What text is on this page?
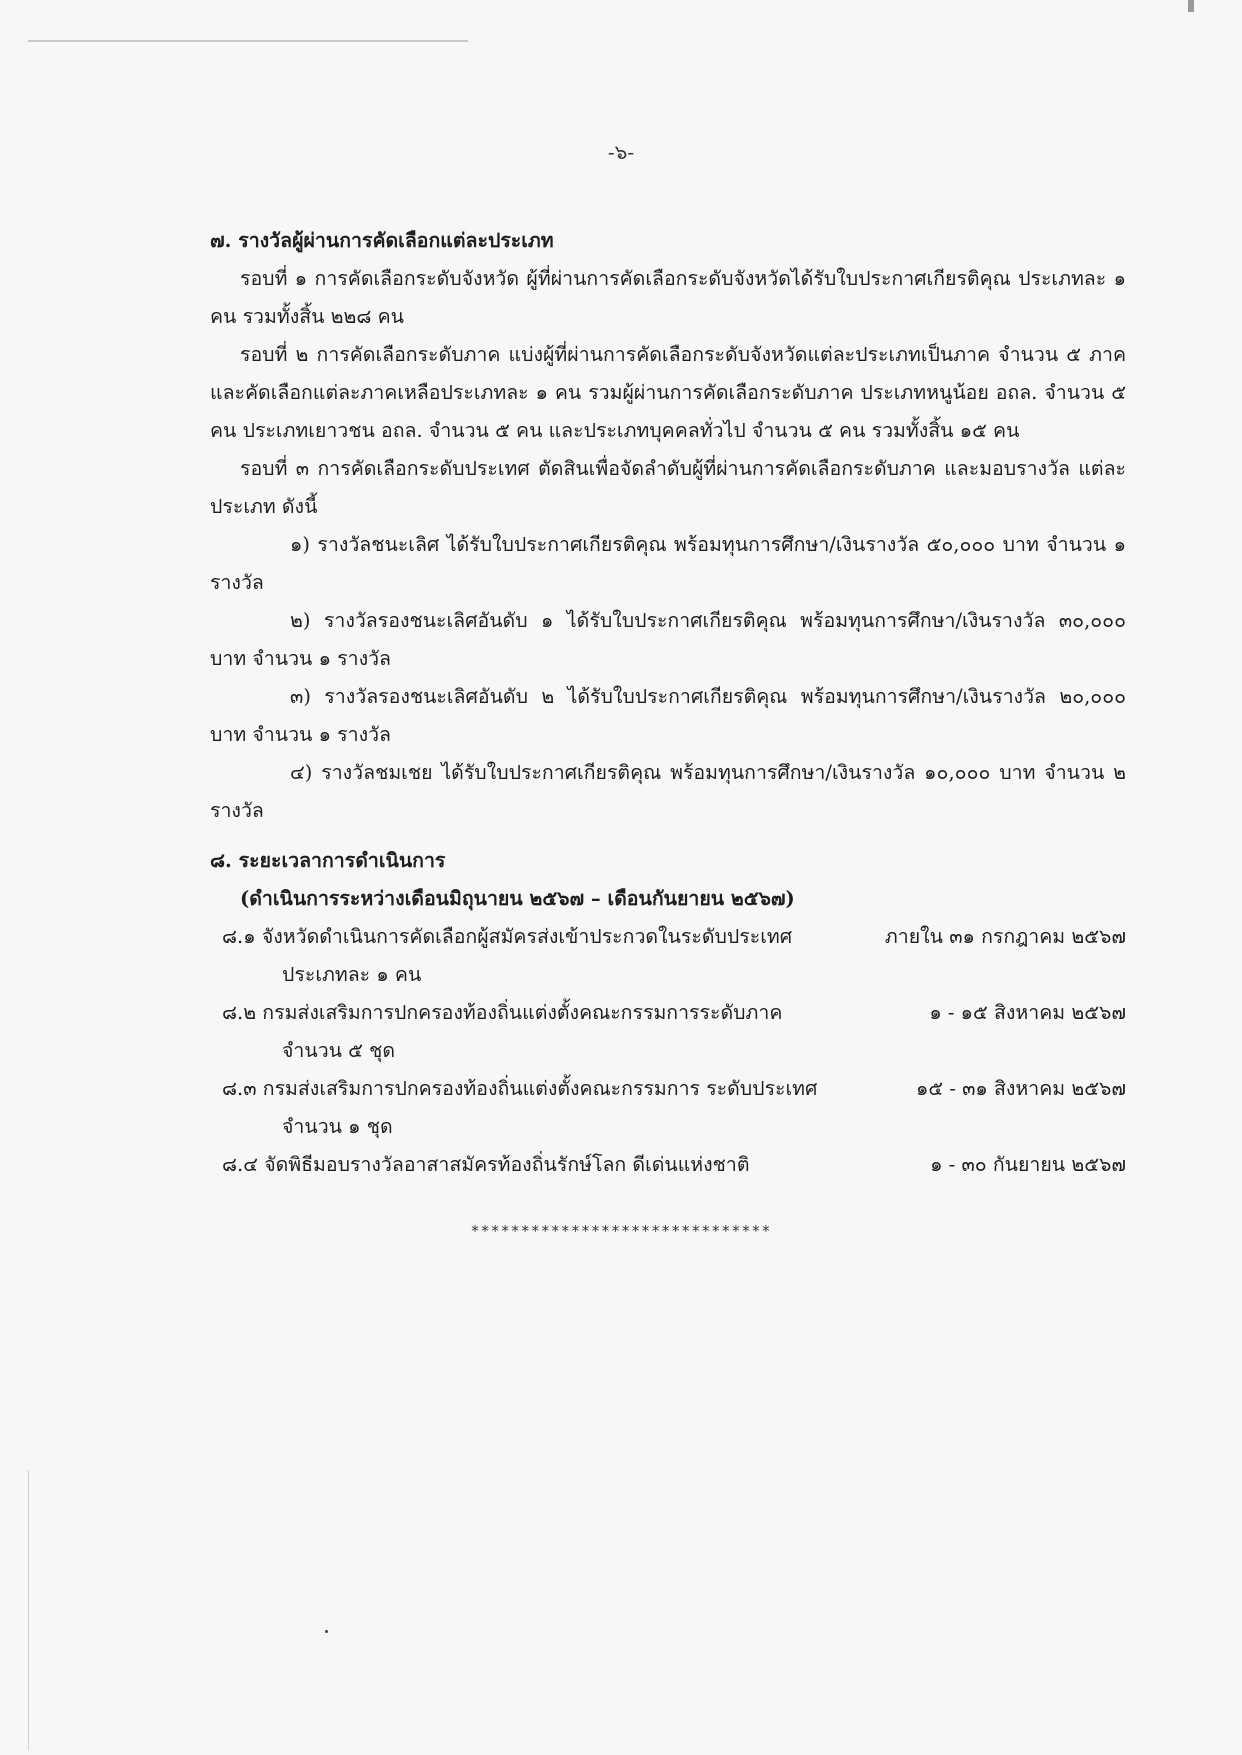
-๖-
๗. รางวัลผู้ผ่านการคัดเลือกแต่ละประเภท
รอบที่ ๑ การคัดเลือกระดับจังหวัด ผู้ที่ผ่านการคัดเลือกระดับจังหวัดได้รับใบประกาศเกียรติคุณ ประเภทละ ๑ คน รวมทั้งสิ้น ๒๒๘ คน
รอบที่ ๒ การคัดเลือกระดับภาค แบ่งผู้ที่ผ่านการคัดเลือกระดับจังหวัดแต่ละประเภทเป็นภาค จำนวน ๕ ภาค และคัดเลือกแต่ละภาคเหลือประเภทละ ๑ คน รวมผู้ผ่านการคัดเลือกระดับภาค ประเภทหนูน้อย อถล. จำนวน ๕ คน ประเภทเยาวชน อถล. จำนวน ๕ คน และประเภทบุคคลทั่วไป จำนวน ๕ คน รวมทั้งสิ้น ๑๕ คน
รอบที่ ๓ การคัดเลือกระดับประเทศ ตัดสินเพื่อจัดลำดับผู้ที่ผ่านการคัดเลือกระดับภาค และมอบรางวัล แต่ละประเภท ดังนี้
๑) รางวัลชนะเลิศ ได้รับใบประกาศเกียรติคุณ พร้อมทุนการศึกษา/เงินรางวัล ๕๐,๐๐๐ บาท จำนวน ๑ รางวัล
๒) รางวัลรองชนะเลิศอันดับ ๑ ได้รับใบประกาศเกียรติคุณ พร้อมทุนการศึกษา/เงินรางวัล ๓๐,๐๐๐ บาท จำนวน ๑ รางวัล
๓) รางวัลรองชนะเลิศอันดับ ๒ ได้รับใบประกาศเกียรติคุณ พร้อมทุนการศึกษา/เงินรางวัล ๒๐,๐๐๐ บาท จำนวน ๑ รางวัล
๔) รางวัลชมเชย ได้รับใบประกาศเกียรติคุณ พร้อมทุนการศึกษา/เงินรางวัล ๑๐,๐๐๐ บาท จำนวน ๒ รางวัล
๘. ระยะเวลาการดำเนินการ
(ดำเนินการระหว่างเดือนมิถุนายน ๒๕๖๗ – เดือนกันยายน ๒๕๖๗)
๘.๑ จังหวัดดำเนินการคัดเลือกผู้สมัครส่งเข้าประกวดในระดับประเทศ	ภายใน ๓๑ กรกฎาคม ๒๕๖๗
ประเภทละ ๑ คน
๘.๒ กรมส่งเสริมการปกครองท้องถิ่นแต่งตั้งคณะกรรมการระดับภาค	๑ - ๑๕ สิงหาคม ๒๕๖๗
จำนวน ๕ ชุด
๘.๓ กรมส่งเสริมการปกครองท้องถิ่นแต่งตั้งคณะกรรมการ ระดับประเทศ	๑๕ - ๓๑ สิงหาคม ๒๕๖๗
จำนวน ๑ ชุด
๘.๔ จัดพิธีมอบรางวัลอาสาสมัครท้องถิ่นรักษ์โลก ดีเด่นแห่งชาติ	๑ - ๓๐ กันยายน ๒๕๖๗
******************************
